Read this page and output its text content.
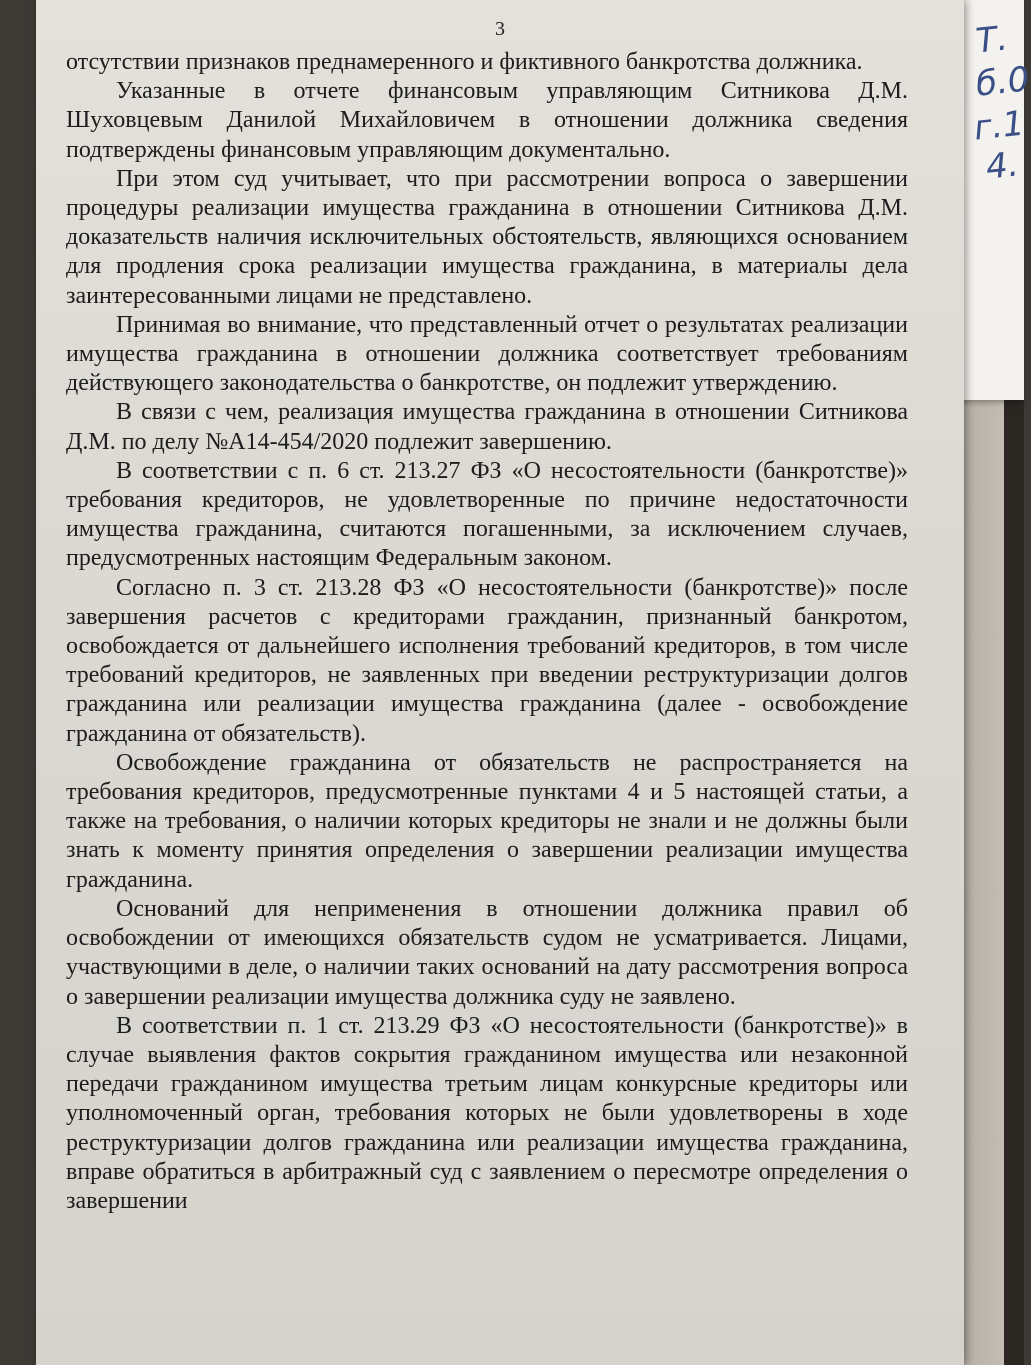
Т.
б.0
г.1
4.
3

отсутствии признаков преднамеренного и фиктивного банкротства должника.

Указанные в отчете финансовым управляющим Ситникова Д.М. Шуховцевым Данилой Михайловичем в отношении должника сведения подтверждены финансовым управляющим документально.

При этом суд учитывает, что при рассмотрении вопроса о завершении процедуры реализации имущества гражданина в отношении Ситникова Д.М. доказательств наличия исключительных обстоятельств, являющихся основанием для продления срока реализации имущества гражданина, в материалы дела заинтересованными лицами не представлено.

Принимая во внимание, что представленный отчет о результатах реализации имущества гражданина в отношении должника соответствует требованиям действующего законодательства о банкротстве, он подлежит утверждению.

В связи с чем, реализация имущества гражданина в отношении Ситникова Д.М. по делу №А14-454/2020 подлежит завершению.

В соответствии с п. 6 ст. 213.27 ФЗ «О несостоятельности (банкротстве)» требования кредиторов, не удовлетворенные по причине недостаточности имущества гражданина, считаются погашенными, за исключением случаев, предусмотренных настоящим Федеральным законом.

Согласно п. 3 ст. 213.28 ФЗ «О несостоятельности (банкротстве)» после завершения расчетов с кредиторами гражданин, признанный банкротом, освобождается от дальнейшего исполнения требований кредиторов, в том числе требований кредиторов, не заявленных при введении реструктуризации долгов гражданина или реализации имущества гражданина (далее - освобождение гражданина от обязательств).

Освобождение гражданина от обязательств не распространяется на требования кредиторов, предусмотренные пунктами 4 и 5 настоящей статьи, а также на требования, о наличии которых кредиторы не знали и не должны были знать к моменту принятия определения о завершении реализации имущества гражданина.

Оснований для неприменения в отношении должника правил об освобождении от имеющихся обязательств судом не усматривается. Лицами, участвующими в деле, о наличии таких оснований на дату рассмотрения вопроса о завершении реализации имущества должника суду не заявлено.

В соответствии п. 1 ст. 213.29 ФЗ «О несостоятельности (банкротстве)» в случае выявления фактов сокрытия гражданином имущества или незаконной передачи гражданином имущества третьим лицам конкурсные кредиторы или уполномоченный орган, требования которых не были удовлетворены в ходе реструктуризации долгов гражданина или реализации имущества гражданина, вправе обратиться в арбитражный суд с заявлением о пересмотре определения о завершении
